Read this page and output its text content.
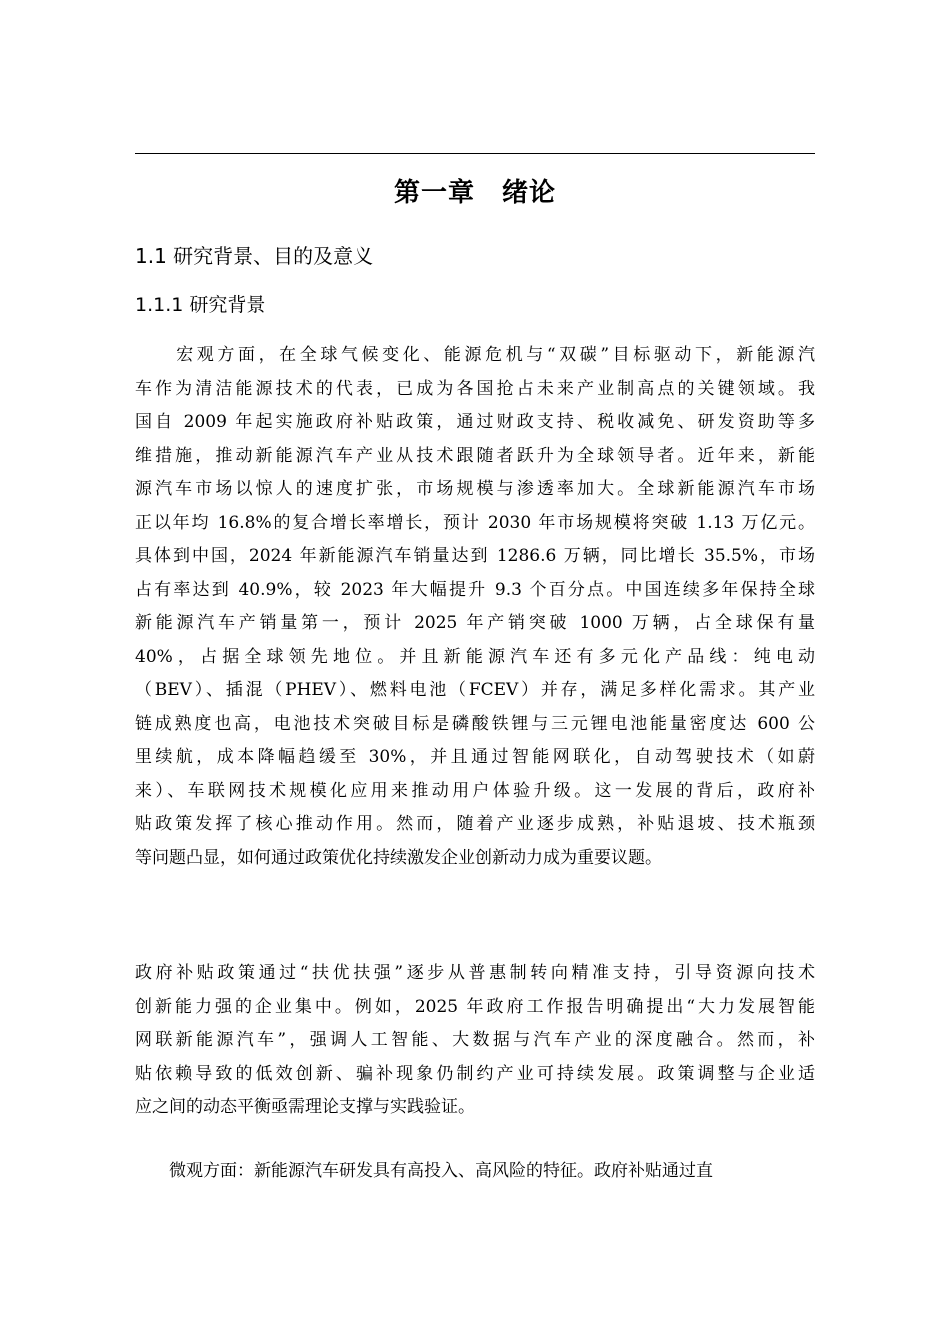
第一章　绪论
1.1 研究背景、目的及意义
1.1.1 研究背景
　　宏观方面，在全球气候变化、能源危机与“双碳”目标驱动下，新能源汽
车作为清洁能源技术的代表，已成为各国抢占未来产业制高点的关键领域。我
国自 2009 年起实施政府补贴政策，通过财政支持、税收减免、研发资助等多
维措施，推动新能源汽车产业从技术跟随者跃升为全球领导者。近年来，新能
源汽车市场以惊人的速度扩张，市场规模与渗透率加大。全球新能源汽车市场
正以年均 16.8%的复合增长率增长，预计 2030 年市场规模将突破 1.13 万亿元。
具体到中国，2024 年新能源汽车销量达到 1286.6 万辆，同比增长 35.5%，市场
占有率达到 40.9%，较 2023 年大幅提升 9.3 个百分点。中国连续多年保持全球
新能源汽车产销量第一，预计 2025 年产销突破 1000 万辆，占全球保有量
40%，占据全球领先地位。并且新能源汽车还有多元化产品线：纯电动
（BEV）、插混（PHEV）、燃料电池（FCEV）并存，满足多样化需求。其产业
链成熟度也高，电池技术突破目标是磷酸铁锂与三元锂电池能量密度达 600 公
里续航，成本降幅趋缓至 30%，并且通过智能网联化，自动驾驶技术（如蔚
来）、车联网技术规模化应用来推动用户体验升级。这一发展的背后，政府补
贴政策发挥了核心推动作用。然而，随着产业逐步成熟，补贴退坡、技术瓶颈
等问题凸显，如何通过政策优化持续激发企业创新动力成为重要议题。
政府补贴政策通过“扶优扶强”逐步从普惠制转向精准支持，引导资源向技术
创新能力强的企业集中。例如，2025 年政府工作报告明确提出“大力发展智能
网联新能源汽车”，强调人工智能、大数据与汽车产业的深度融合。然而，补
贴依赖导致的低效创新、骗补现象仍制约产业可持续发展。政策调整与企业适
应之间的动态平衡亟需理论支撑与实践验证。
　　微观方面：新能源汽车研发具有高投入、高风险的特征。政府补贴通过直
